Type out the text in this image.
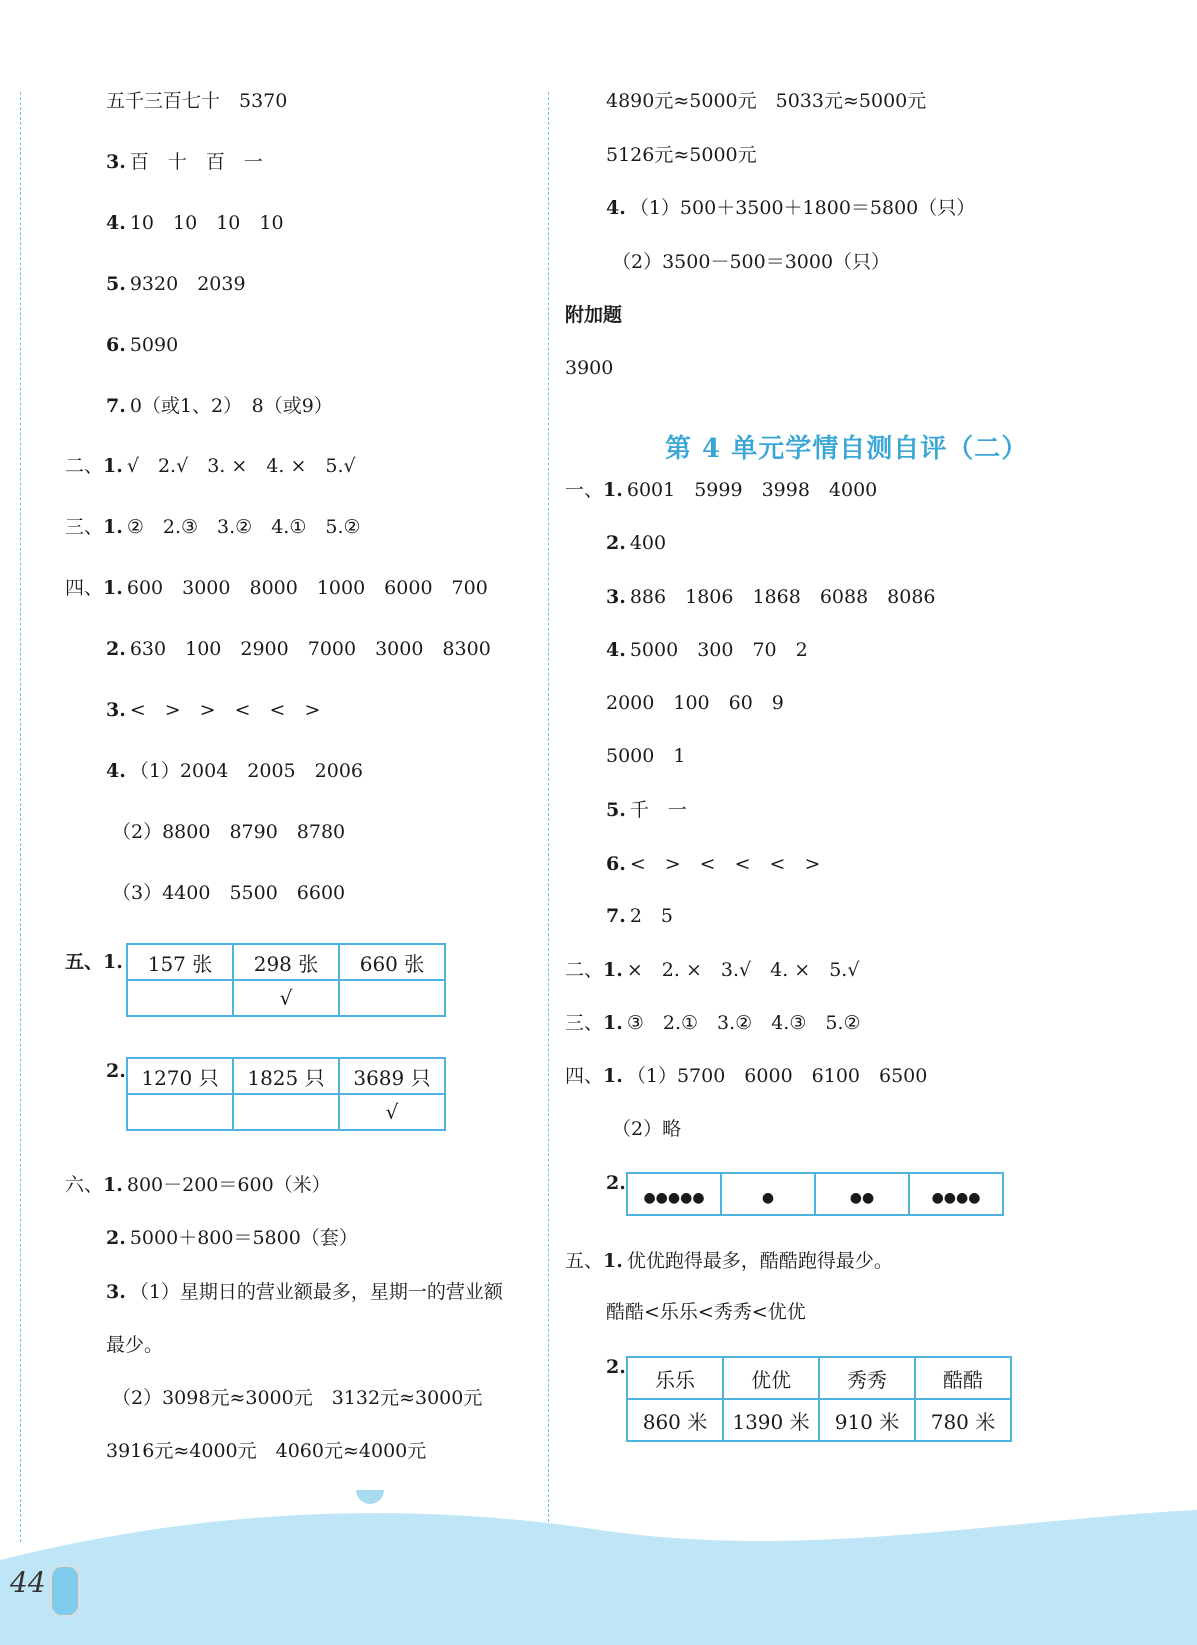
五千三百七十　5370
3. 百　十　百　一
4. 10　10　10　10
5. 9320　2039
6. 5090
7. 0（或1、2）　8（或9）
二、1. √　2.√　3. ×　4. ×　5.√
三、1. ②　2.③　3.②　4.①　5.②
四、1. 600　3000　8000　1000　6000　700
2. 630　100　2900　7000　3000　8300
3. <　>　>　<　<　>
4. （1）2004　2005　2006
（2）8800　8790　8780
（3）4400　5500　6600
六、1. 800－200＝600（米）
2. 5000＋800＝5800（套）
3. （1）星期日的营业额最多，星期一的营业额
最少。
（2）3098元≈3000元　3132元≈3000元
3916元≈4000元　4060元≈4000元
4890元≈5000元　5033元≈5000元
5126元≈5000元
4. （1）500＋3500＋1800＝5800（只）
（2）3500－500＝3000（只）
附加题
3900
一、1. 6001　5999　3998　4000
2. 400
3. 886　1806　1868　6088　8086
4. 5000　300　70　2
2000　100　60　9
5000　1
5. 千　一
6. <　>　<　<　<　>
7. 2　5
二、1. ×　2. ×　3.√　4. ×　5.√
三、1. ③　2.①　3.②　4.③　5.②
四、1. （1）5700　6000　6100　6500
（2）略
五、1. 优优跑得最多，酷酷跑得最少。
酷酷<乐乐<秀秀<优优
第 4 单元学情自测自评（二）
五、1. 157 张	298 张	660 张
	√	
2. 1270 只	1825 只	3689 只
		√
2.
●●●●●	●	●●	●●●●
2.
乐乐	优优	秀秀	酷酷
860 米	1390 米	910 米	780 米
44
